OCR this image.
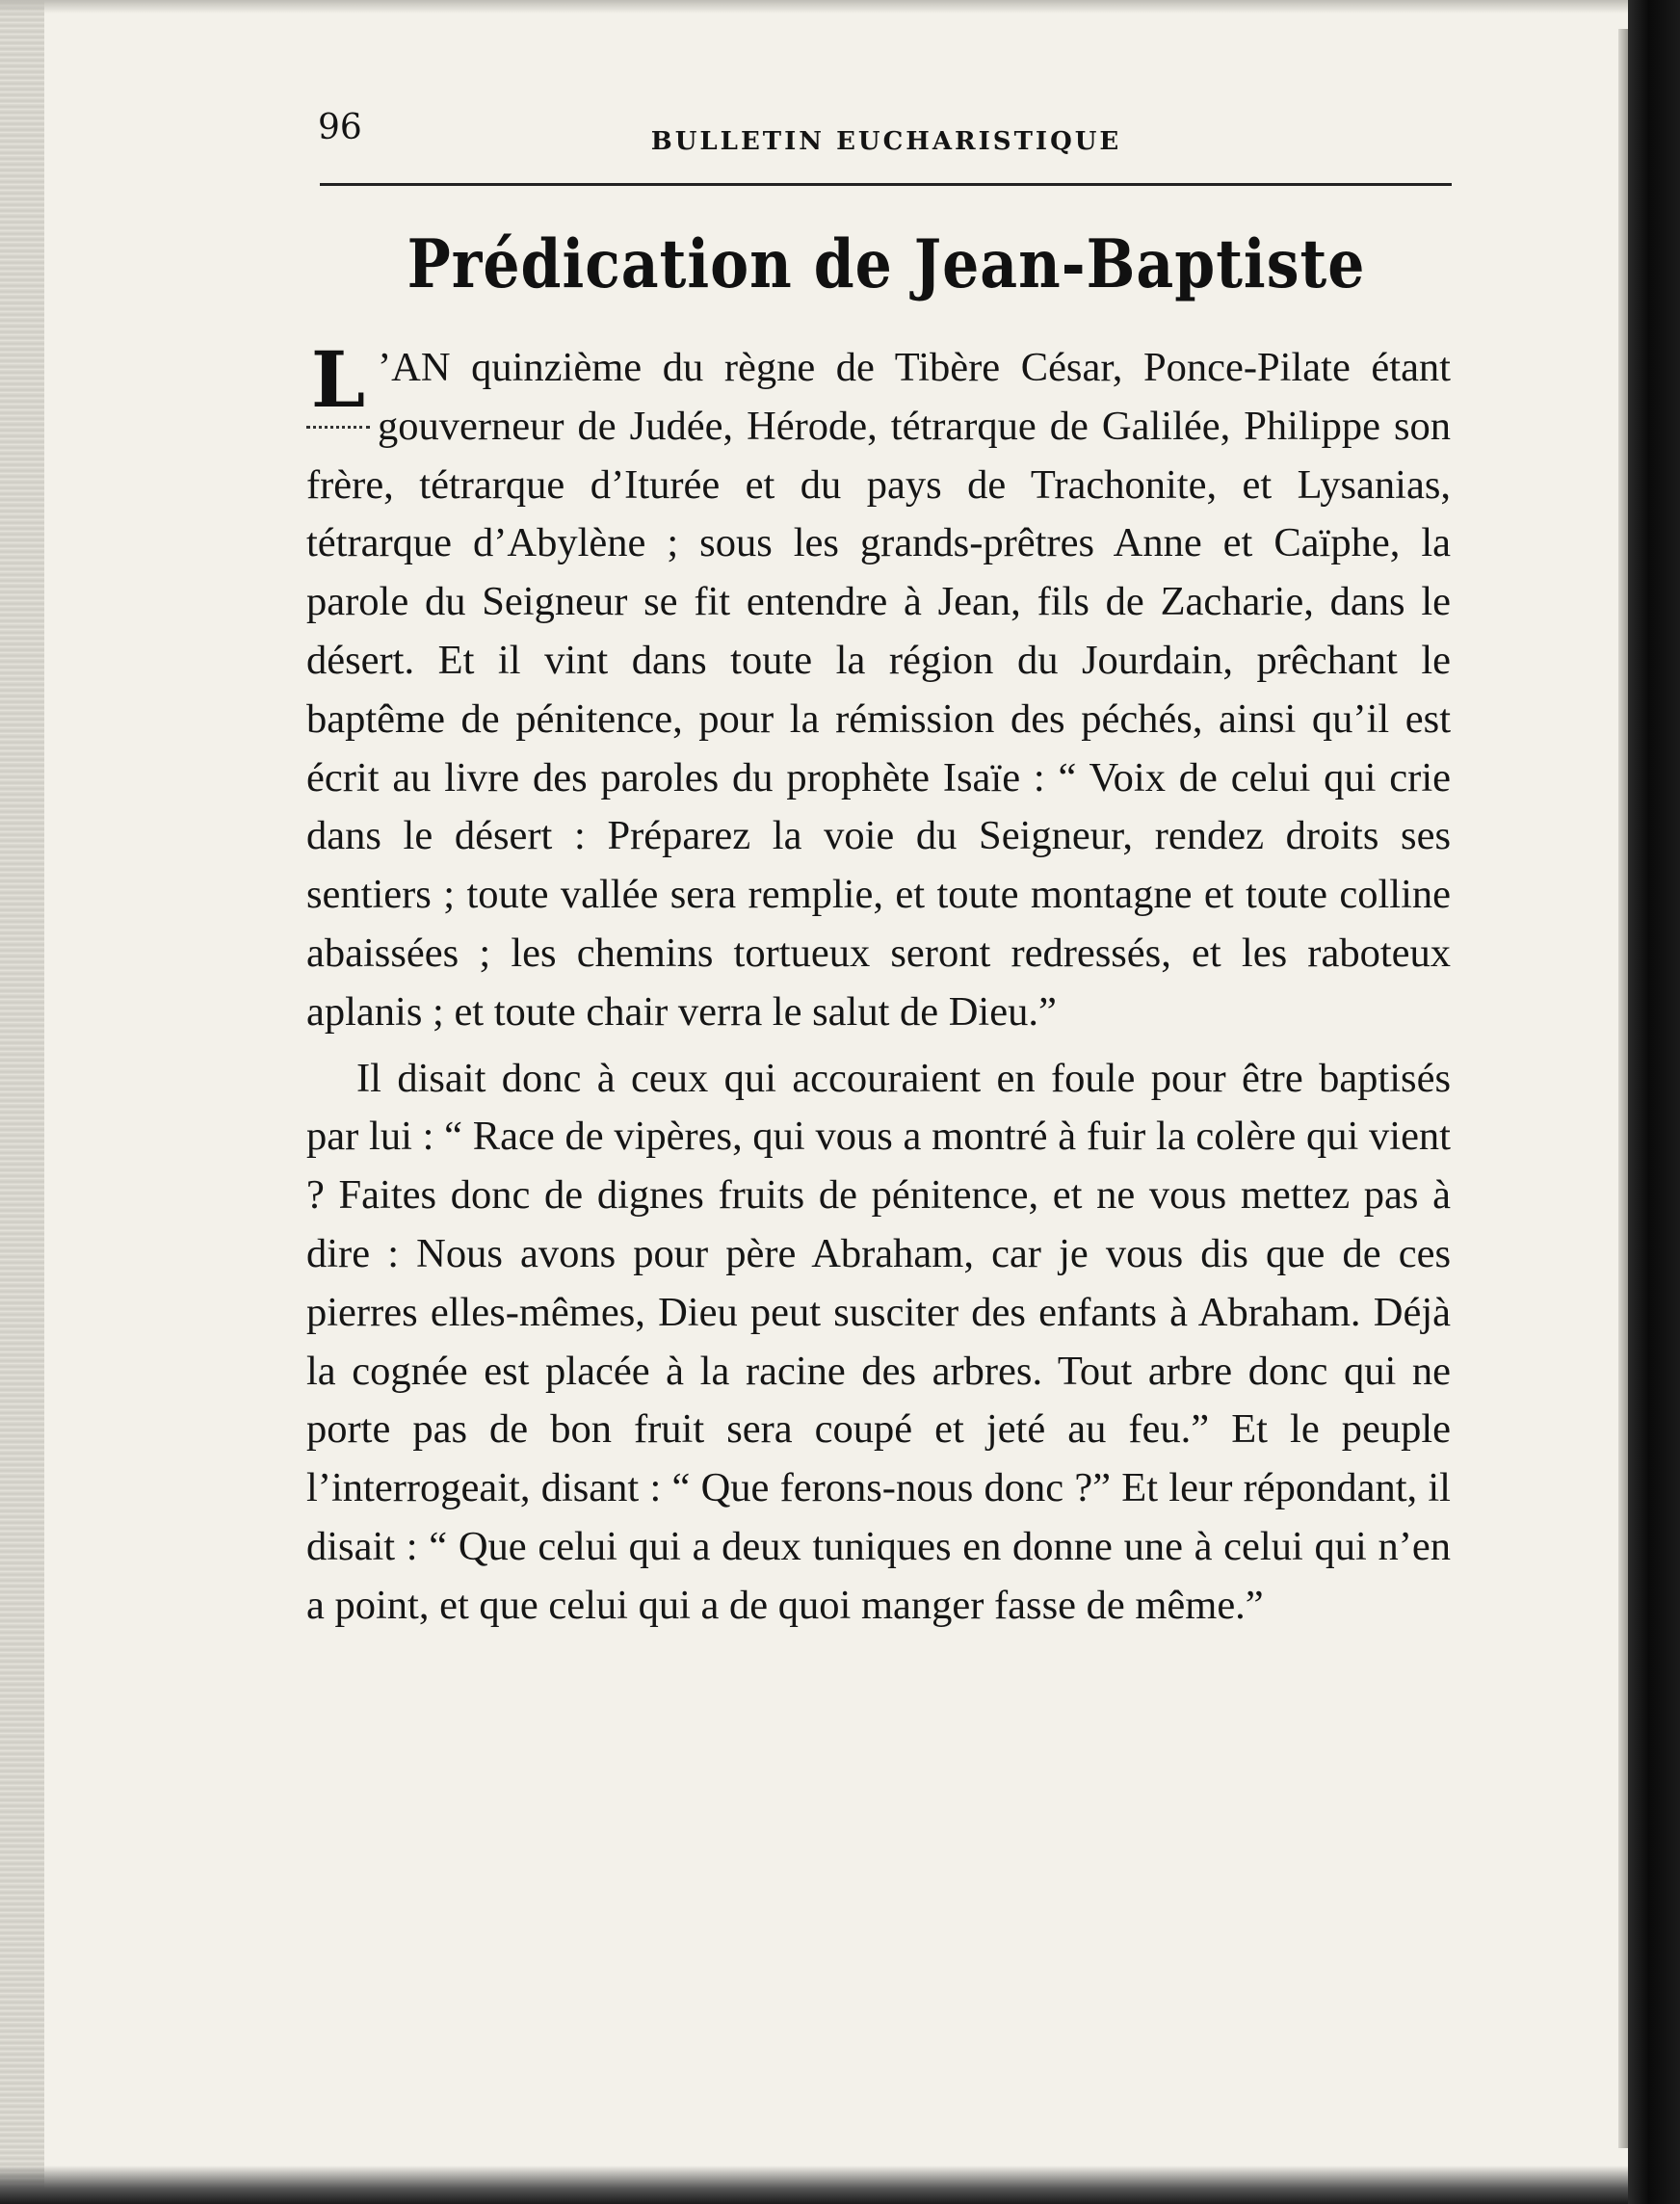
96	BULLETIN EUCHARISTIQUE
Prédication de Jean-Baptiste

L ’AN quinzième du règne de Tibère César, Ponce-Pilate étant gouverneur de Judée, Hérode, tétrarque de Galilée, Philippe son frère, tétrarque d’Iturée et du pays de Trachonite, et Lysanias, tétrarque d’Abylène ; sous les grands-prêtres Anne et Caïphe, la parole du Seigneur se fit entendre à Jean, fils de Zacharie, dans le désert. Et il vint dans toute la région du Jourdain, prêchant le baptême de pénitence, pour la rémission des péchés, ainsi qu’il est écrit au livre des paroles du prophète Isaïe : “ Voix de celui qui crie dans le désert : Préparez la voie du Seigneur, rendez droits ses sentiers ; toute vallée sera remplie, et toute montagne et toute colline abaissées ; les chemins tortueux seront redressés, et les raboteux aplanis ; et toute chair verra le salut de Dieu.”

Il disait donc à ceux qui accouraient en foule pour être baptisés par lui : “ Race de vipères, qui vous a montré à fuir la colère qui vient ? Faites donc de dignes fruits de pénitence, et ne vous mettez pas à dire : Nous avons pour père Abraham, car je vous dis que de ces pierres elles-mêmes, Dieu peut susciter des enfants à Abraham. Déjà la cognée est placée à la racine des arbres. Tout arbre donc qui ne porte pas de bon fruit sera coupé et jeté au feu.” Et le peuple l’interrogeait, disant : “ Que ferons-nous donc ?” Et leur répondant, il disait : “ Que celui qui a deux tuniques en donne une à celui qui n’en a point, et que celui qui a de quoi manger fasse de même.”
